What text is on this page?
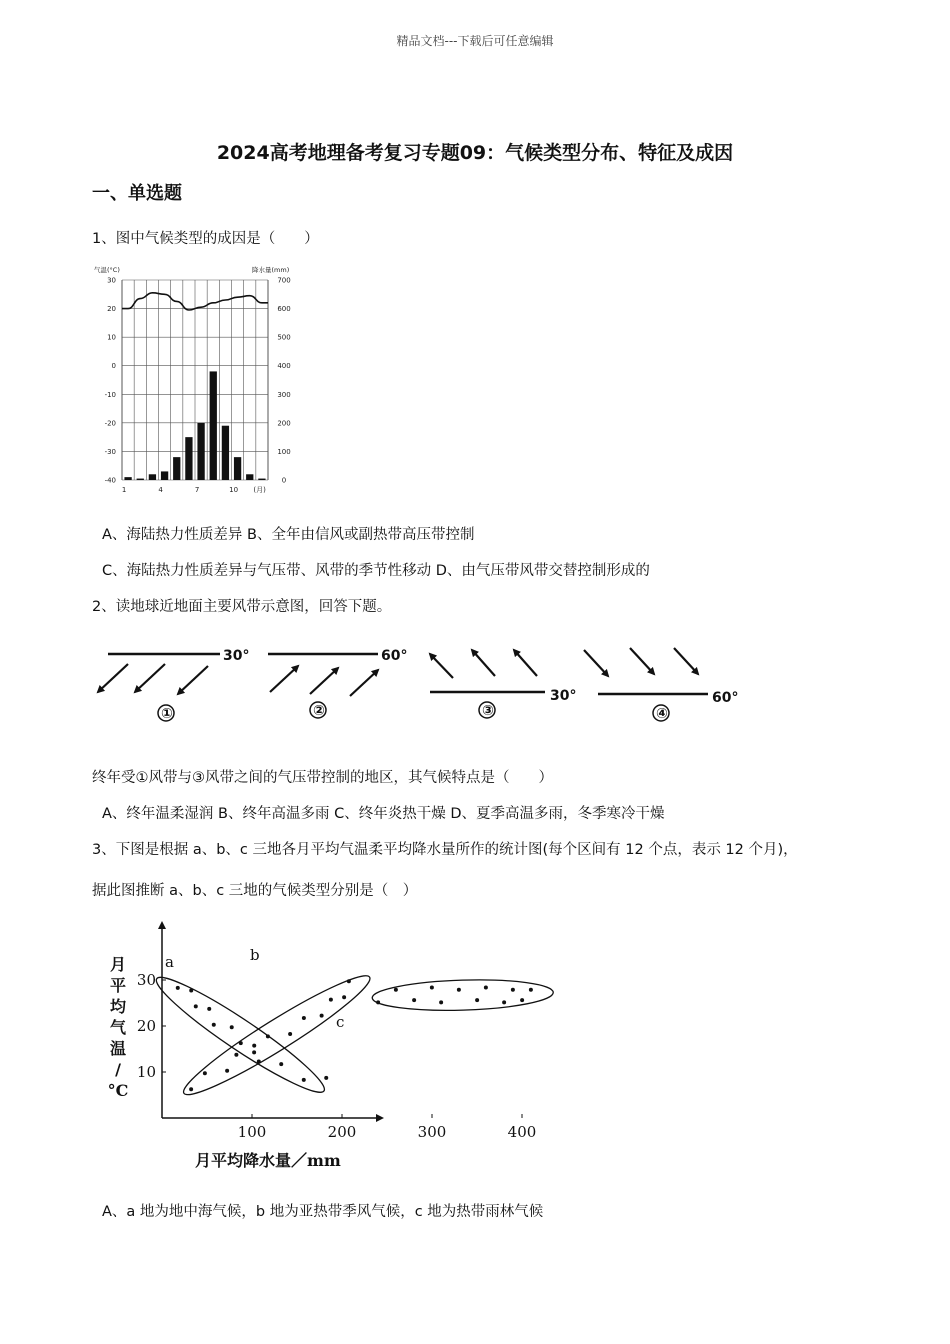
精品文档---下载后可任意编辑
2024高考地理备考复习专题09：气候类型分布、特征及成因
一、单选题
1、图中气候类型的成因是（　　）
气温(°C)	降水量(mm)
30
20
10
0
-10
-20
-30
-40
700
600
500
400
300
200
100
0
1	4	7	10 (月)
A、海陆热力性质差异 B、全年由信风或副热带高压带控制
C、海陆热力性质差异与气压带、风带的季节性移动 D、由气压带风带交替控制形成的
2、读地球近地面主要风带示意图，回答下题。
30°
①
60°
②
30°
③
60°
④
终年受①风带与③风带之间的气压带控制的地区，其气候特点是（　　）
A、终年温柔湿润 B、终年高温多雨 C、终年炎热干燥 D、夏季高温多雨，冬季寒冷干燥
3、下图是根据 a、b、c 三地各月平均气温柔平均降水量所作的统计图(每个区间有 12 个点，表示 12 个月)，
据此图推断 a、b、c 三地的气候类型分别是（　）
月
平
均
气
温
/
°C
100	200	300	400
30
20
10
a	b
c
月平均降水量／mm
A、a 地为地中海气候，b 地为亚热带季风气候，c 地为热带雨林气候
